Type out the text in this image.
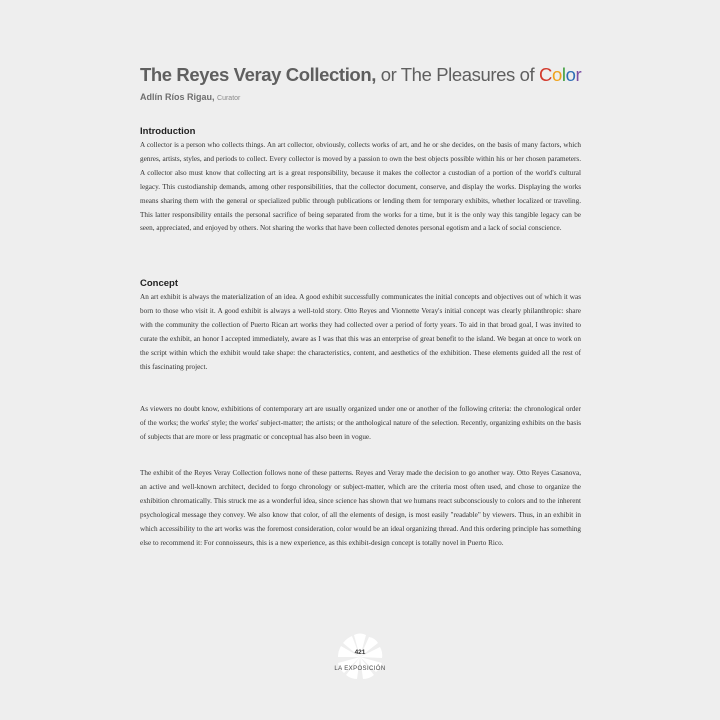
The Reyes Veray Collection, or The Pleasures of Color
Adlín Ríos Rigau, Curator
Introduction

A collector is a person who collects things. An art collector, obviously, collects works of art, and he or she decides, on the basis of many factors, which genres, artists, styles, and periods to collect. Every collector is moved by a passion to own the best objects possible within his or her chosen parameters. A collector also must know that collecting art is a great responsibility, because it makes the collector a custodian of a portion of the world's cultural legacy. This custodianship demands, among other responsibilities, that the collector document, conserve, and display the works. Displaying the works means sharing them with the general or specialized public through publications or lending them for temporary exhibits, whether localized or traveling. This latter responsibility entails the personal sacrifice of being separated from the works for a time, but it is the only way this tangible legacy can be seen, appreciated, and enjoyed by others. Not sharing the works that have been collected denotes personal egotism and a lack of social conscience.

Concept

An art exhibit is always the materialization of an idea. A good exhibit successfully communicates the initial concepts and objectives out of which it was born to those who visit it. A good exhibit is always a well-told story. Otto Reyes and Vionnette Veray's initial concept was clearly philanthropic: share with the community the collection of Puerto Rican art works they had collected over a period of forty years. To aid in that broad goal, I was invited to curate the exhibit, an honor I accepted immediately, aware as I was that this was an enterprise of great benefit to the island. We began at once to work on the script within which the exhibit would take shape: the characteristics, content, and aesthetics of the exhibition. These elements guided all the rest of this fascinating project.

As viewers no doubt know, exhibitions of contemporary art are usually organized under one or another of the following criteria: the chronological order of the works; the works' style; the works' subject-matter; the artists; or the anthological nature of the selection. Recently, organizing exhibits on the basis of subjects that are more or less pragmatic or conceptual has also been in vogue.

The exhibit of the Reyes Veray Collection follows none of these patterns. Reyes and Veray made the decision to go another way. Otto Reyes Casanova, an active and well-known architect, decided to forgo chronology or subject-matter, which are the criteria most often used, and chose to organize the exhibition chromatically. This struck me as a wonderful idea, since science has shown that we humans react subconsciously to colors and to the inherent psychological message they convey. We also know that color, of all the elements of design, is most easily "readable" by viewers. Thus, in an exhibit in which accessibility to the art works was the foremost consideration, color would be an ideal organizing thread. And this ordering principle has something else to recommend it: For connoisseurs, this is a new experience, as this exhibit-design concept is totally novel in Puerto Rico.

421
LA EXPOSICIÓN
